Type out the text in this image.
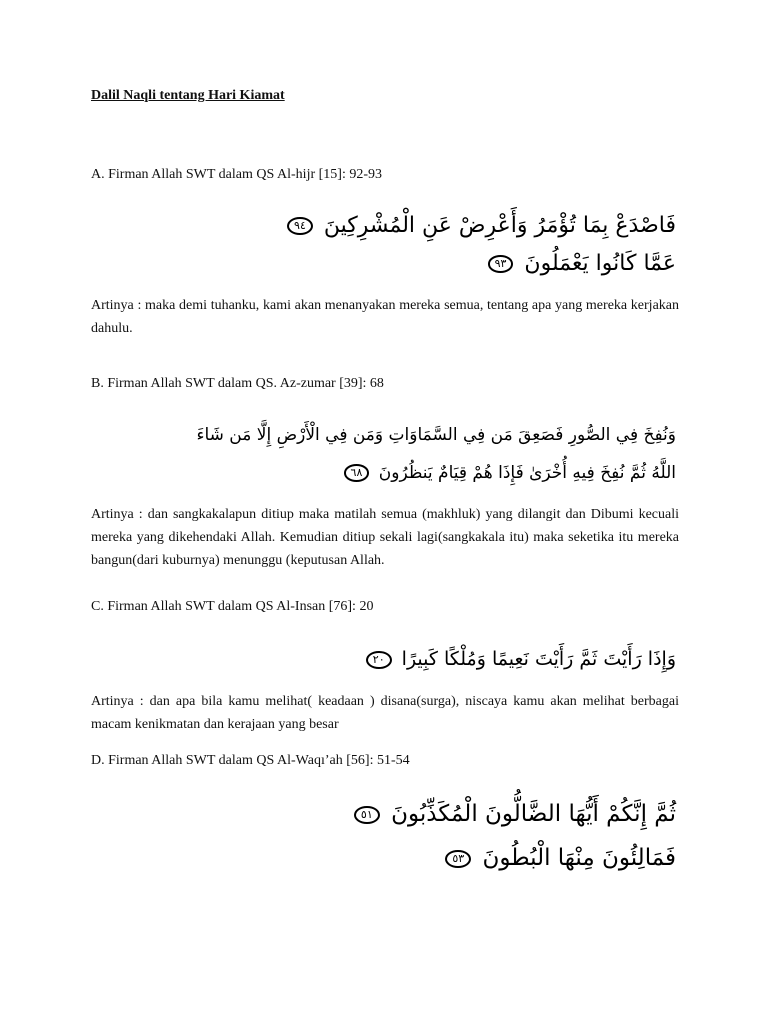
Dalil Naqli tentang Hari Kiamat
A. Firman Allah SWT dalam QS Al-hijr [15]: 92-93
فَاصْدَعْ بِمَا تُؤْمَرُ وَأَعْرِضْ عَنِ الْمُشْرِكِينَ ٩٤
عَمَّا كَانُوا يَعْمَلُونَ ٩٣
Artinya : maka demi tuhanku, kami akan menanyakan mereka semua, tentang apa yang mereka kerjakan dahulu.
B. Firman Allah SWT dalam QS. Az-zumar [39]: 68
وَنُفِخَ فِي الصُّورِ فَصَعِقَ مَن فِي السَّمَاوَاتِ وَمَن فِي الْأَرْضِ إِلَّا مَن شَاءَ
اللَّهُ ثُمَّ نُفِخَ فِيهِ أُخْرَىٰ فَإِذَا هُمْ قِيَامٌ يَنظُرُونَ ٦٨
Artinya : dan sangkakalapun ditiup maka matilah semua (makhluk) yang dilangit dan Dibumi kecuali mereka yang dikehendaki Allah. Kemudian ditiup sekali lagi(sangkakala itu) maka seketika itu mereka bangun(dari kuburnya) menunggu (keputusan Allah.
C. Firman Allah SWT dalam QS Al-Insan [76]: 20
وَإِذَا رَأَيْتَ ثَمَّ رَأَيْتَ نَعِيمًا وَمُلْكًا كَبِيرًا ٢٠
Artinya : dan apa bila kamu melihat( keadaan ) disana(surga), niscaya kamu akan melihat berbagai macam kenikmatan dan kerajaan yang besar
D. Firman Allah SWT dalam QS Al-Waqı’ah [56]: 51-54
ثُمَّ إِنَّكُمْ أَيُّهَا الضَّالُّونَ الْمُكَذِّبُونَ ٥١
فَمَالِئُونَ مِنْهَا الْبُطُونَ ٥٣
